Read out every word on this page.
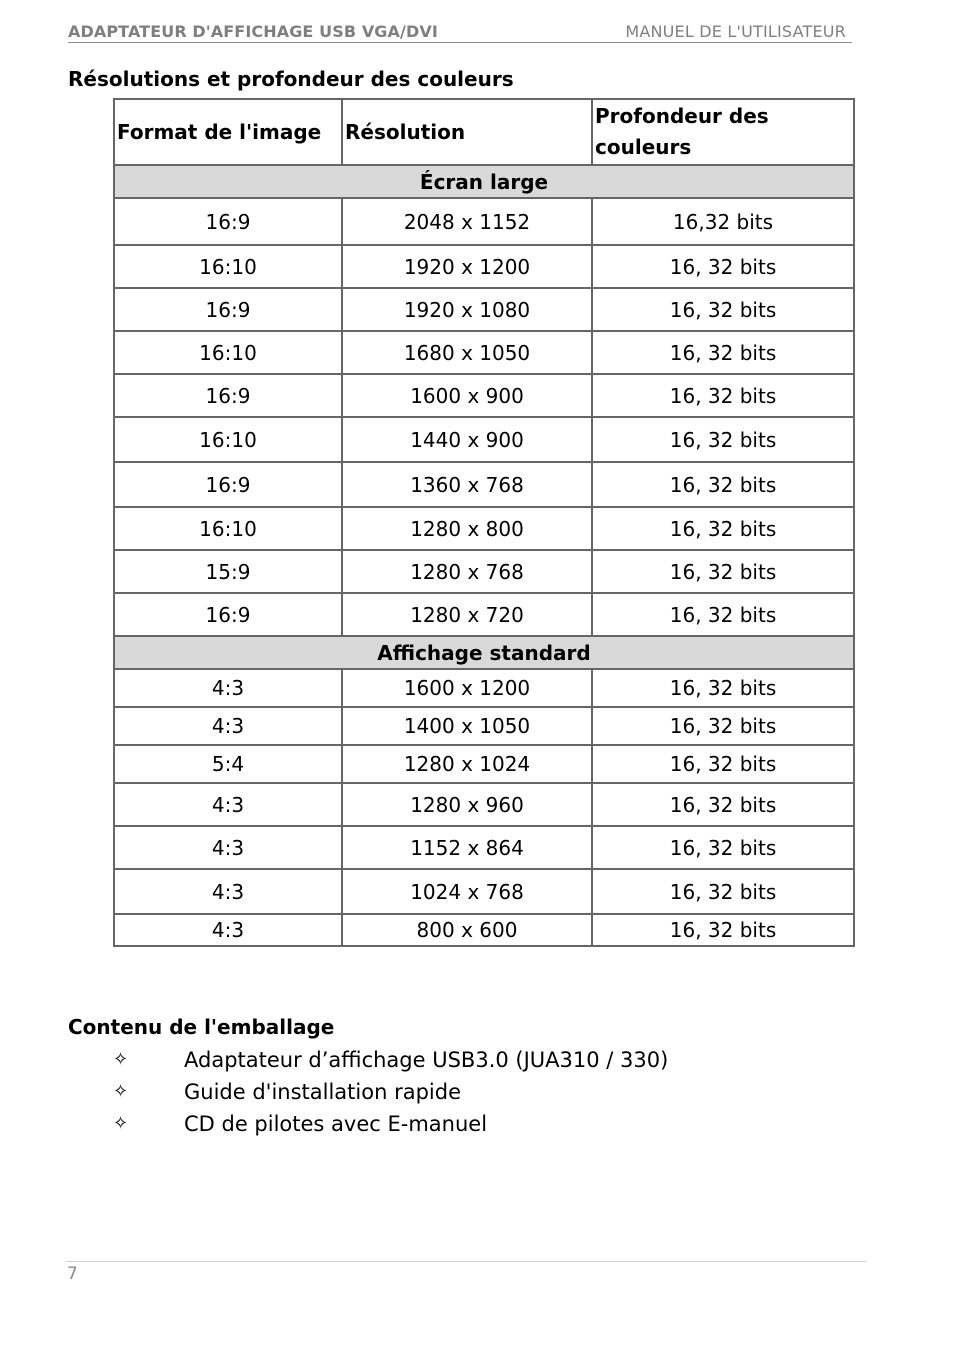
ADAPTATEUR D'AFFICHAGE USB VGA/DVI	MANUEL DE L'UTILISATEUR
Résolutions et profondeur des couleurs
Format de l'image	Résolution	Profondeur des couleurs
Écran large		
16:9	2048 x 1152	16,32 bits
16:10	1920 x 1200	16, 32 bits
16:9	1920 x 1080	16, 32 bits
16:10	1680 x 1050	16, 32 bits
16:9	1600 x 900	16, 32 bits
16:10	1440 x 900	16, 32 bits
16:9	1360 x 768	16, 32 bits
16:10	1280 x 800	16, 32 bits
15:9	1280 x 768	16, 32 bits
16:9	1280 x 720	16, 32 bits
Affichage standard		
4:3	1600 x 1200	16, 32 bits
4:3	1400 x 1050	16, 32 bits
5:4	1280 x 1024	16, 32 bits
4:3	1280 x 960	16, 32 bits
4:3	1152 x 864	16, 32 bits
4:3	1024 x 768	16, 32 bits
4:3	800 x 600	16, 32 bits
Contenu de l'emballage
✧	Adaptateur d’affichage USB3.0 (JUA310 / 330)
✧	Guide d'installation rapide
✧	CD de pilotes avec E-manuel
7
